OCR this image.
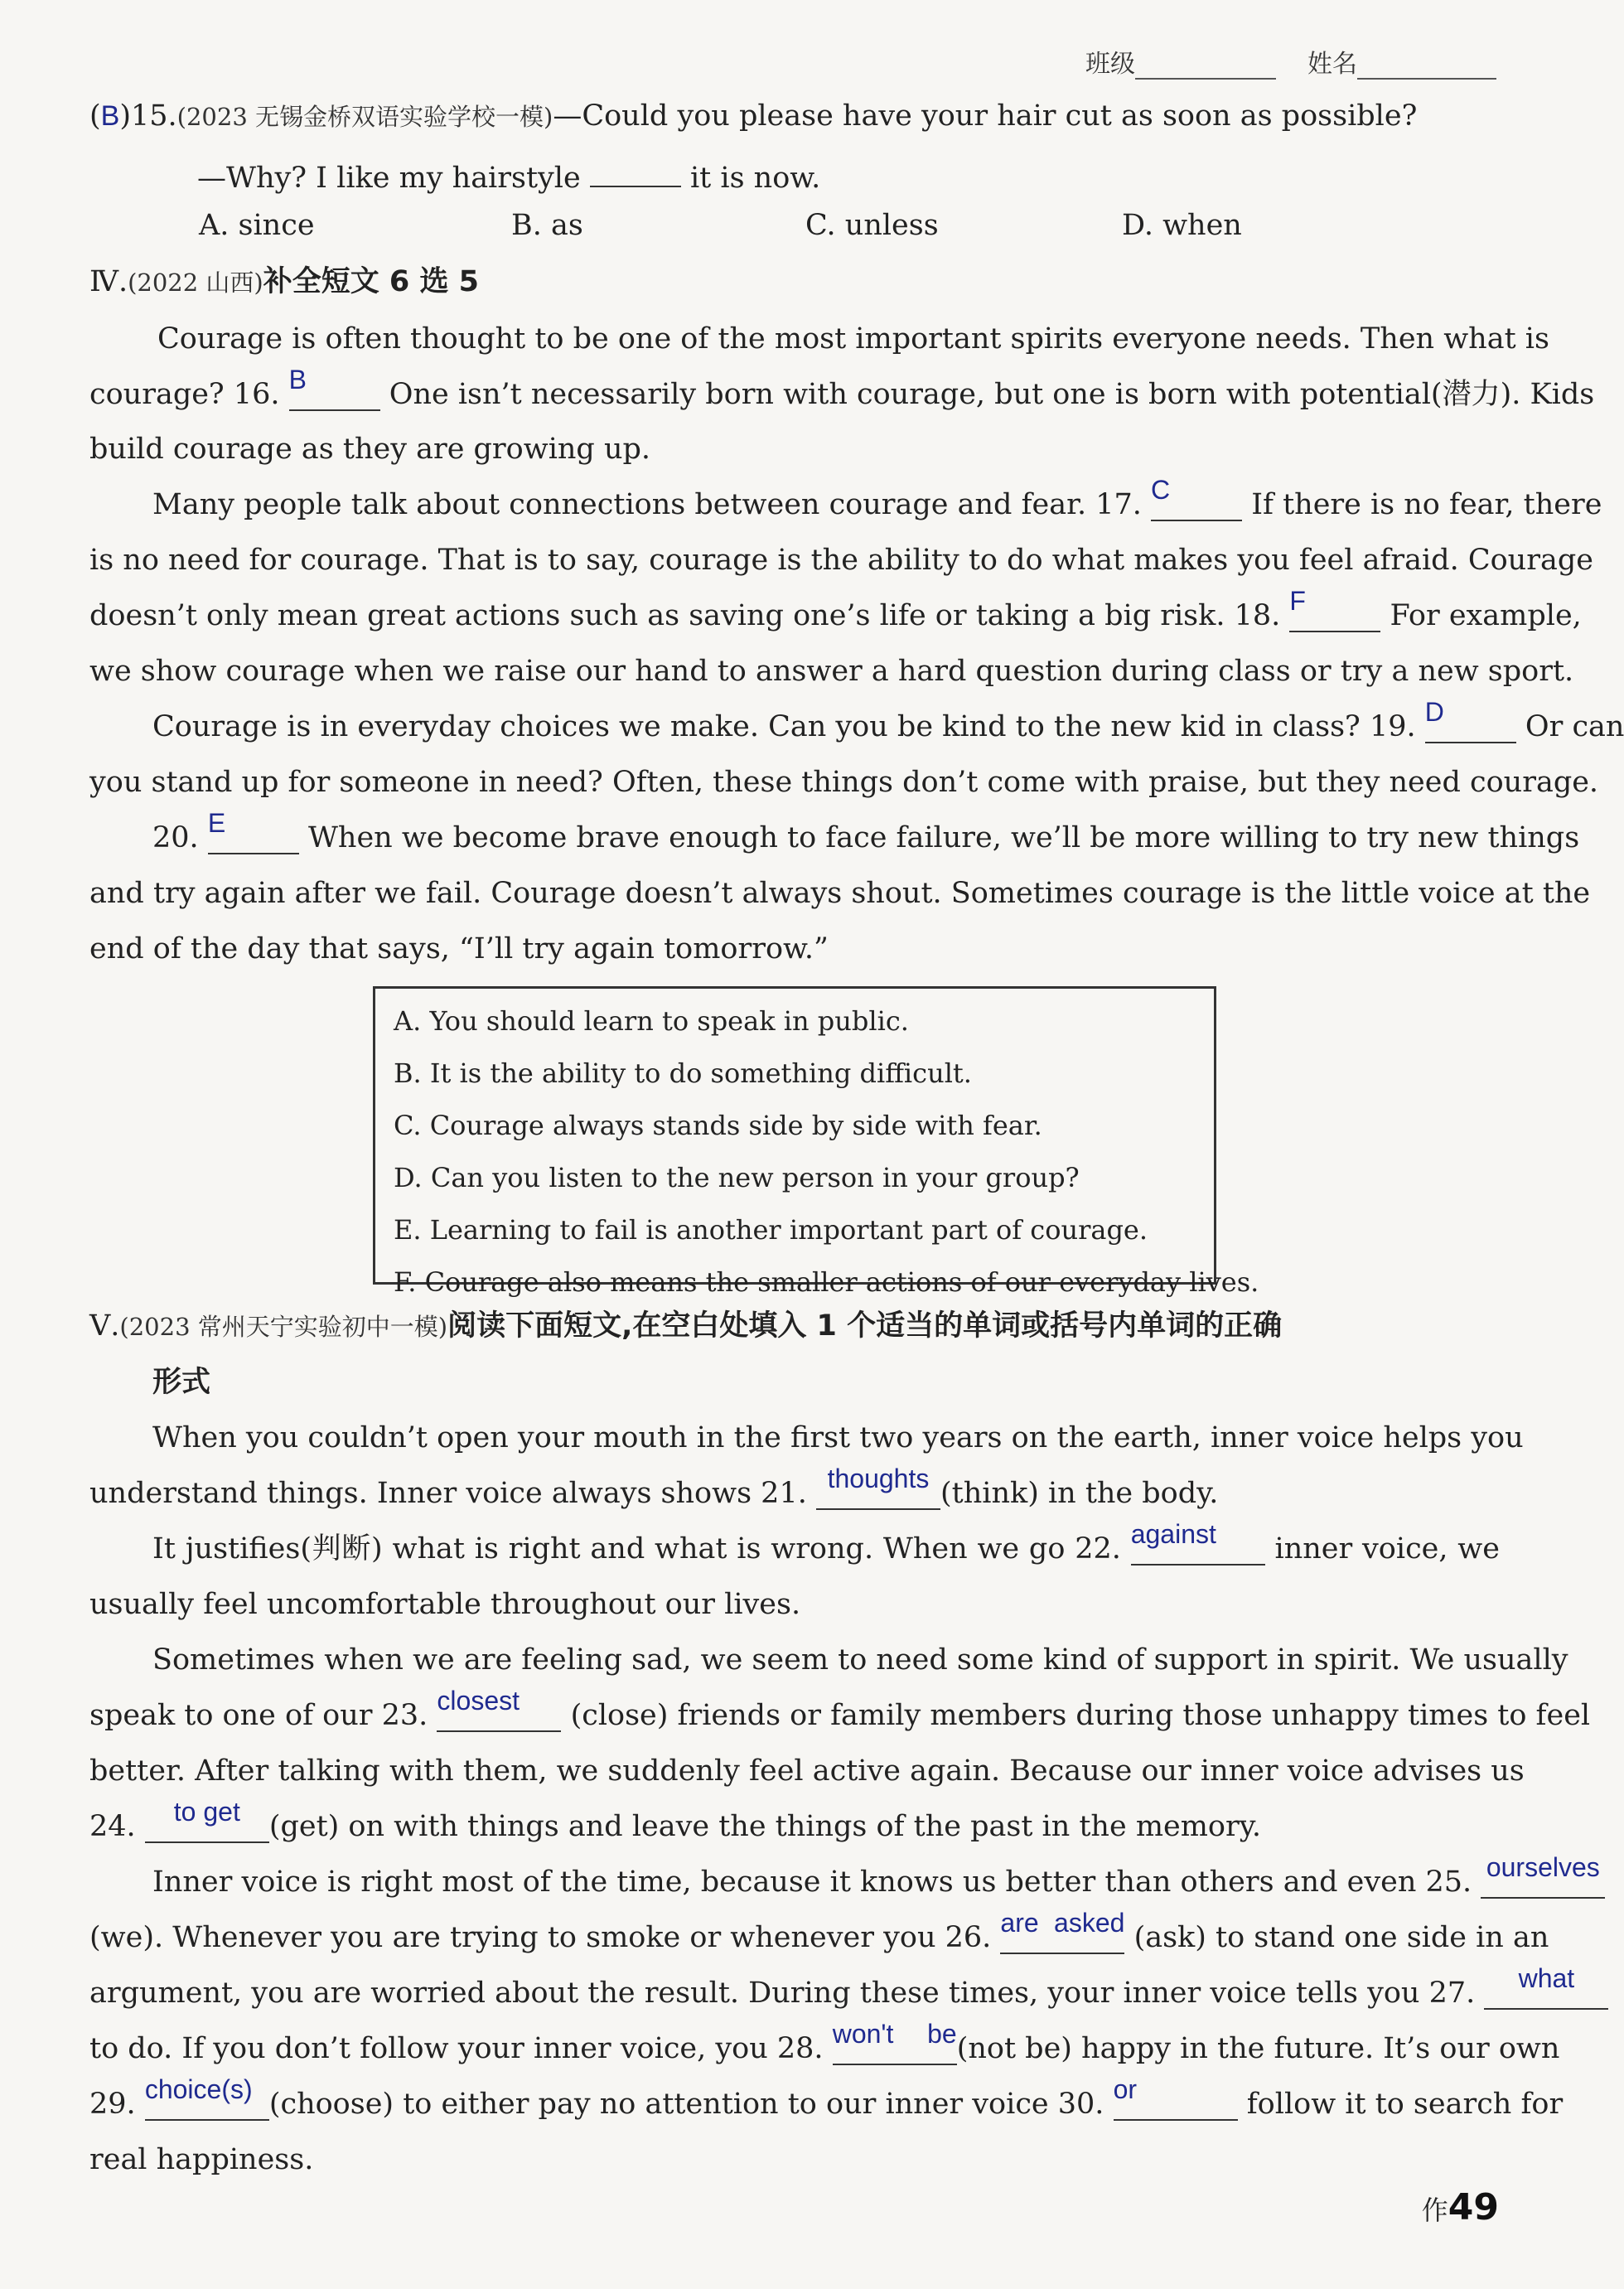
班级	姓名
(B)15.(2023 无锡金桥双语实验学校一模)—Could you please have your hair cut as soon as possible?
—Why? I like my hairstyle	it is now.
A. since	B. as	C. unless	D. when
Ⅳ.(2022 山西)补全短文 6 选 5
Courage is often thought to be one of the most important spirits everyone needs. Then what is
courage? 16. B	One isn’t necessarily born with courage, but one is born with potential(潜力). Kids
build courage as they are growing up.
Many people talk about connections between courage and fear. 17. C	If there is no fear, there
is no need for courage. That is to say, courage is the ability to do what makes you feel afraid. Courage
doesn’t only mean great actions such as saving one’s life or taking a big risk. 18. F	For example,
we show courage when we raise our hand to answer a hard question during class or try a new sport.
Courage is in everyday choices we make. Can you be kind to the new kid in class? 19. D	Or can
you stand up for someone in need? Often, these things don’t come with praise, but they need courage.
20. E	When we become brave enough to face failure, we’ll be more willing to try new things
and try again after we fail. Courage doesn’t always shout. Sometimes courage is the little voice at the
end of the day that says, “I’ll try again tomorrow.”
A. You should learn to speak in public.
B. It is the ability to do something difficult.
C. Courage always stands side by side with fear.
D. Can you listen to the new person in your group?
E. Learning to fail is another important part of courage.
F. Courage also means the smaller actions of our everyday lives.
Ⅴ.(2023 常州天宁实验初中一模)阅读下面短文,在空白处填入 1 个适当的单词或括号内单词的正确
形式
When you couldn’t open your mouth in the first two years on the earth, inner voice helps you
understand things. Inner voice always shows 21. thoughts (think) in the body.
It justifies(判断) what is right and what is wrong. When we go 22. against inner voice, we
usually feel uncomfortable throughout our lives.
Sometimes when we are feeling sad, we seem to need some kind of support in spirit. We usually
speak to one of our 23. closest (close) friends or family members during those unhappy times to feel
better. After talking with them, we suddenly feel active again. Because our inner voice advises us
24. to get (get) on with things and leave the things of the past in the memory.
Inner voice is right most of the time, because it knows us better than others and even 25. ourselves
(we). Whenever you are trying to smoke or whenever you 26. are asked (ask) to stand one side in an
argument, you are worried about the result. During these times, your inner voice tells you 27. what
to do. If you don’t follow your inner voice, you 28. won't be(not be) happy in the future. It’s our own
29. choice(s) (choose) to either pay no attention to our inner voice 30. or	follow it to search for
real happiness.
作49
